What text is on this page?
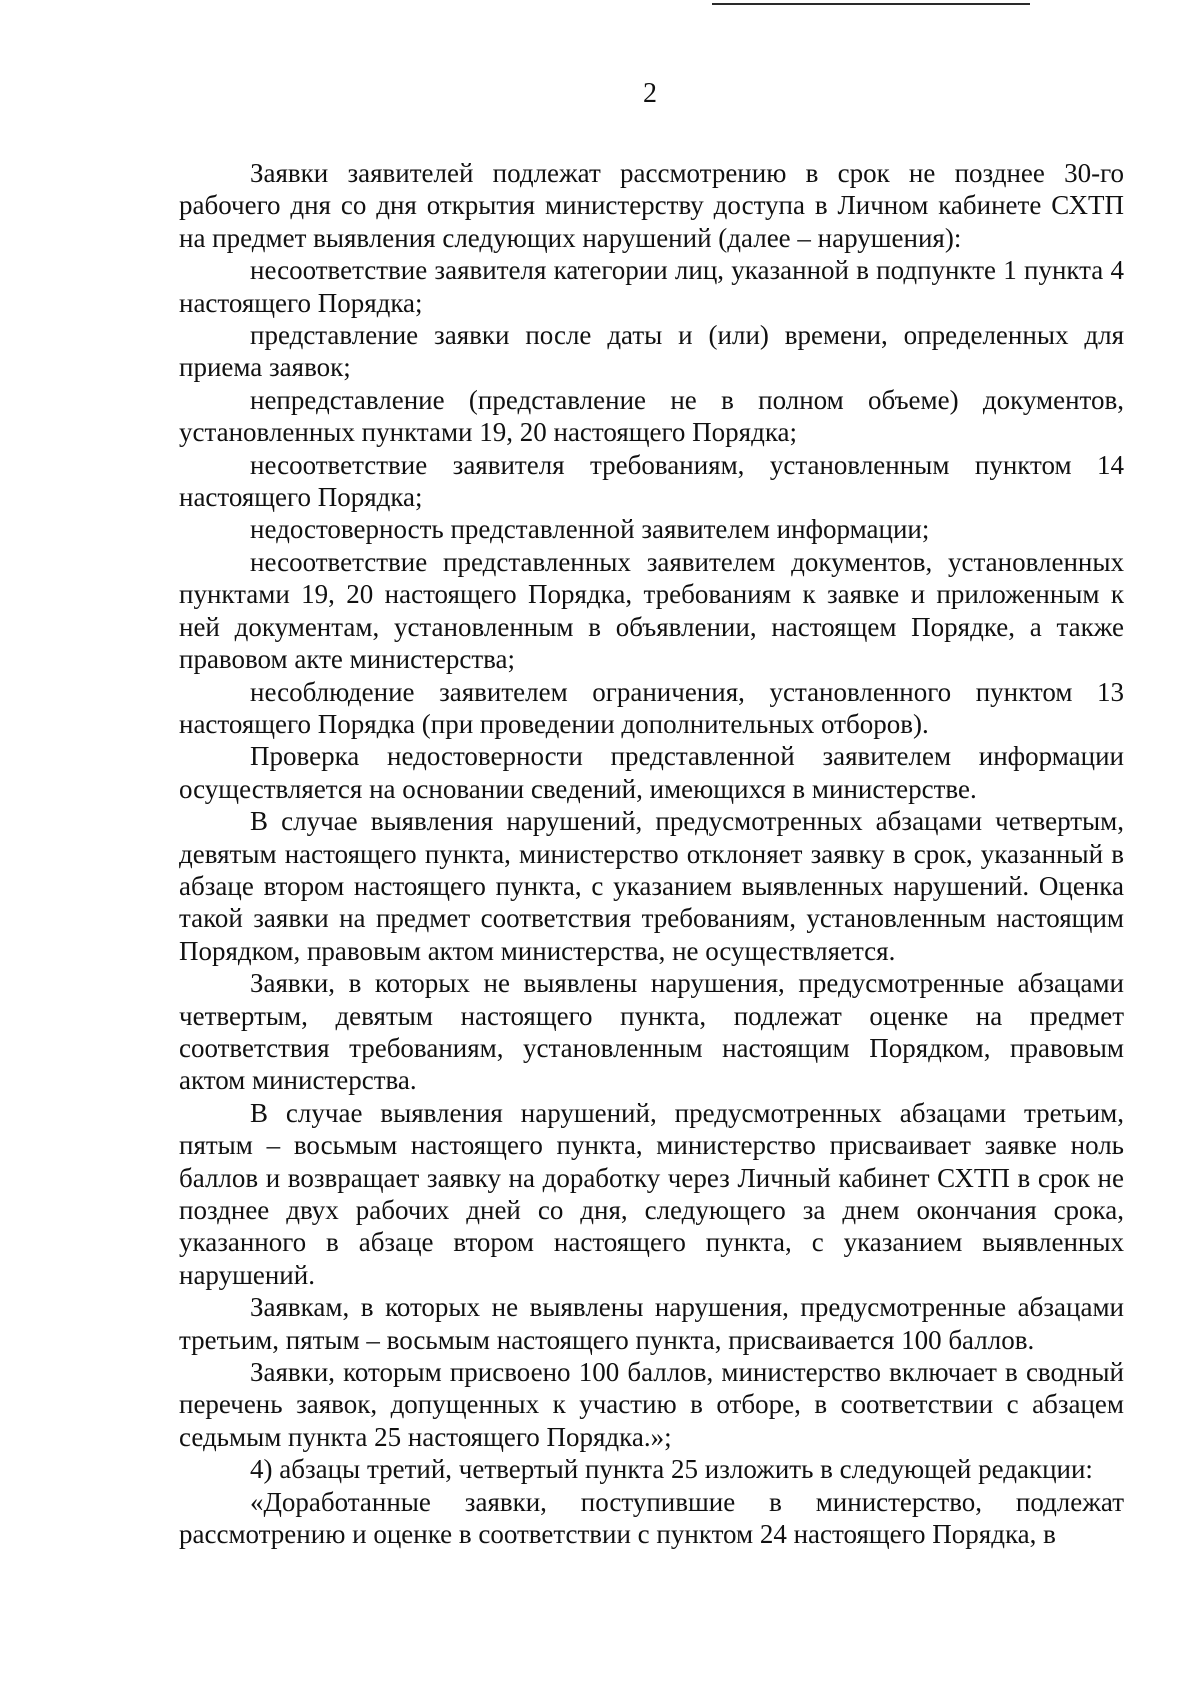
2

Заявки заявителей подлежат рассмотрению в срок не позднее 30-го рабочего дня со дня открытия министерству доступа в Личном кабинете СХТП на предмет выявления следующих нарушений (далее – нарушения):

несоответствие заявителя категории лиц, указанной в подпункте 1 пункта 4 настоящего Порядка;

представление заявки после даты и (или) времени, определенных для приема заявок;

непредставление (представление не в полном объеме) документов, установленных пунктами 19, 20 настоящего Порядка;

несоответствие заявителя требованиям, установленным пунктом 14 настоящего Порядка;

недостоверность представленной заявителем информации;

несоответствие представленных заявителем документов, установленных пунктами 19, 20 настоящего Порядка, требованиям к заявке и приложенным к ней документам, установленным в объявлении, настоящем Порядке, а также правовом акте министерства;

несоблюдение заявителем ограничения, установленного пунктом 13 настоящего Порядка (при проведении дополнительных отборов).

Проверка недостоверности представленной заявителем информации осуществляется на основании сведений, имеющихся в министерстве.

В случае выявления нарушений, предусмотренных абзацами четвертым, девятым настоящего пункта, министерство отклоняет заявку в срок, указанный в абзаце втором настоящего пункта, с указанием выявленных нарушений. Оценка такой заявки на предмет соответствия требованиям, установленным настоящим Порядком, правовым актом министерства, не осуществляется.

Заявки, в которых не выявлены нарушения, предусмотренные абзацами четвертым, девятым настоящего пункта, подлежат оценке на предмет соответствия требованиям, установленным настоящим Порядком, правовым актом министерства.

В случае выявления нарушений, предусмотренных абзацами третьим, пятым – восьмым настоящего пункта, министерство присваивает заявке ноль баллов и возвращает заявку на доработку через Личный кабинет СХТП в срок не позднее двух рабочих дней со дня, следующего за днем окончания срока, указанного в абзаце втором настоящего пункта, с указанием выявленных нарушений.

Заявкам, в которых не выявлены нарушения, предусмотренные абзацами третьим, пятым – восьмым настоящего пункта, присваивается 100 баллов.

Заявки, которым присвоено 100 баллов, министерство включает в сводный перечень заявок, допущенных к участию в отборе, в соответствии с абзацем седьмым пункта 25 настоящего Порядка.»;

4) абзацы третий, четвертый пункта 25 изложить в следующей редакции:

«Доработанные заявки, поступившие в министерство, подлежат рассмотрению и оценке в соответствии с пунктом 24 настоящего Порядка, в
